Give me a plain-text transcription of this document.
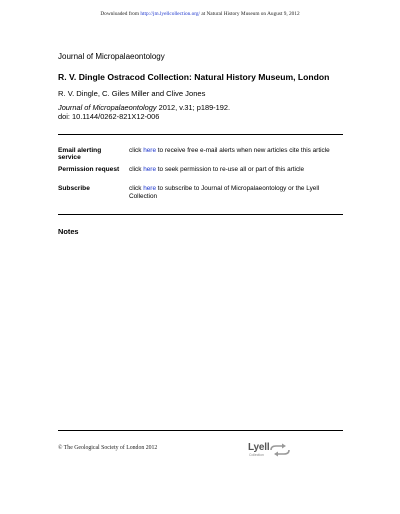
Downloaded from http://jm.lyellcollection.org/ at Natural History Museum on August 9, 2012
Journal of Micropalaeontology
R. V. Dingle Ostracod Collection: Natural History Museum, London
R. V. Dingle, C. Giles Miller and Clive Jones
Journal of Micropalaeontology 2012, v.31; p189-192.
doi: 10.1144/0262-821X12-006
Email alerting service
click here to receive free e-mail alerts when new articles cite this article
Permission request click here to seek permission to re-use all or part of this article
Subscribe	click here to subscribe to Journal of Micropalaeontology or the Lyell Collection
Notes
© The Geological Society of London 2012	Lyell
Collection
